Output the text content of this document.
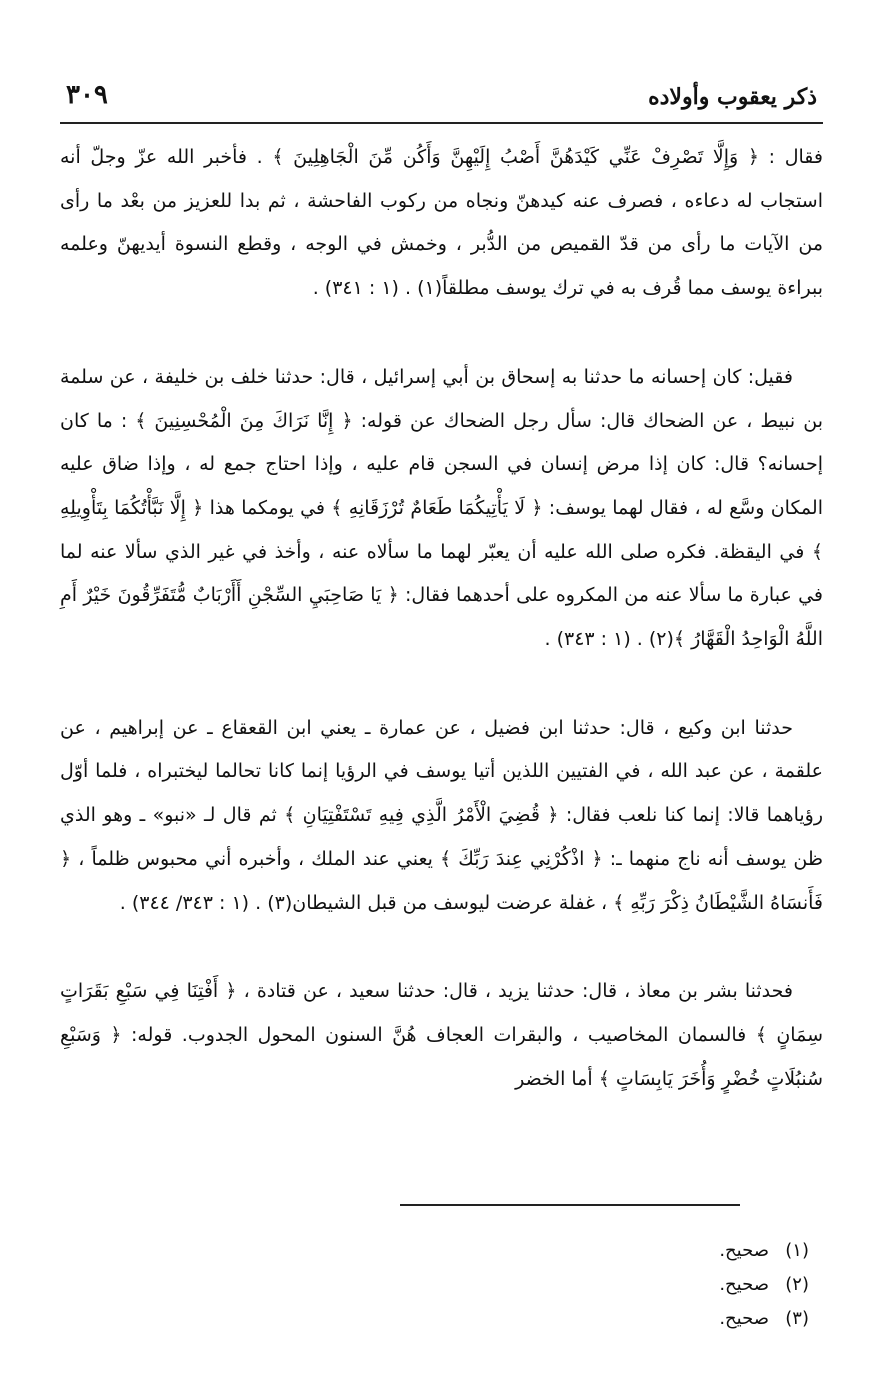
ذكر يعقوب وأولاده
٣٠٩

فقال : ﴿ وَإِلَّا تَصْرِفْ عَنِّي كَيْدَهُنَّ أَصْبُ إِلَيْهِنَّ وَأَكُن مِّنَ الْجَاهِلِينَ ﴾ . فأخبر الله عزّ وجلّ أنه استجاب له دعاءه ، فصرف عنه كيدهنّ ونجاه من ركوب الفاحشة ، ثم بدا للعزيز من بعْد ما رأى من الآيات ما رأى من قدّ القميص من الدُّبر ، وخمش في الوجه ، وقطع النسوة أيديهنّ وعلمه ببراءة يوسف مما قُرف به في ترك يوسف مطلقاً(١) . (١ : ٣٤١) .

فقيل: كان إحسانه ما حدثنا به إسحاق بن أبي إسرائيل ، قال: حدثنا خلف بن خليفة ، عن سلمة بن نبيط ، عن الضحاك قال: سأل رجل الضحاك عن قوله: ﴿ إِنَّا نَرَاكَ مِنَ الْمُحْسِنِينَ ﴾ : ما كان إحسانه؟ قال: كان إذا مرض إنسان في السجن قام عليه ، وإذا احتاج جمع له ، وإذا ضاق عليه المكان وسَّع له ، فقال لهما يوسف: ﴿ لَا يَأْتِيكُمَا طَعَامٌ تُرْزَقَانِهِ ﴾ في يومكما هذا ﴿ إِلَّا نَبَّأْتُكُمَا بِتَأْوِيلِهِ ﴾ في اليقظة. فكره صلى الله عليه أن يعبّر لهما ما سألاه عنه ، وأخذ في غير الذي سألا عنه لما في عبارة ما سألا عنه من المكروه على أحدهما فقال: ﴿ يَا صَاحِبَيِ السِّجْنِ أَأَرْبَابٌ مُّتَفَرِّقُونَ خَيْرٌ أَمِ اللَّهُ الْوَاحِدُ الْقَهَّارُ ﴾(٢) . (١ : ٣٤٣) .

حدثنا ابن وكيع ، قال: حدثنا ابن فضيل ، عن عمارة ـ يعني ابن القعقاع ـ عن إبراهيم ، عن علقمة ، عن عبد الله ، في الفتيين اللذين أتيا يوسف في الرؤيا إنما كانا تحالما ليختبراه ، فلما أوّل رؤياهما قالا: إنما كنا نلعب فقال: ﴿ قُضِيَ الْأَمْرُ الَّذِي فِيهِ تَسْتَفْتِيَانِ ﴾ ثم قال لـ «نبو» ـ وهو الذي ظن يوسف أنه ناج منهما ـ: ﴿ اذْكُرْنِي عِندَ رَبِّكَ ﴾ يعني عند الملك ، وأخبره أني محبوس ظلماً ، ﴿ فَأَنسَاهُ الشَّيْطَانُ ذِكْرَ رَبِّهِ ﴾ ، غفلة عرضت ليوسف من قبل الشيطان(٣) . (١ : ٣٤٣/ ٣٤٤) .

فحدثنا بشر بن معاذ ، قال: حدثنا يزيد ، قال: حدثنا سعيد ، عن قتادة ، ﴿ أَفْتِنَا فِي سَبْعِ بَقَرَاتٍ سِمَانٍ ﴾ فالسمان المخاصيب ، والبقرات العجاف هُنَّ السنون المحول الجدوب. قوله: ﴿ وَسَبْعِ سُنبُلَاتٍ خُضْرٍ وَأُخَرَ يَابِسَاتٍ ﴾ أما الخضر

(١)صحيح.
(٢)صحيح.
(٣)صحيح.
